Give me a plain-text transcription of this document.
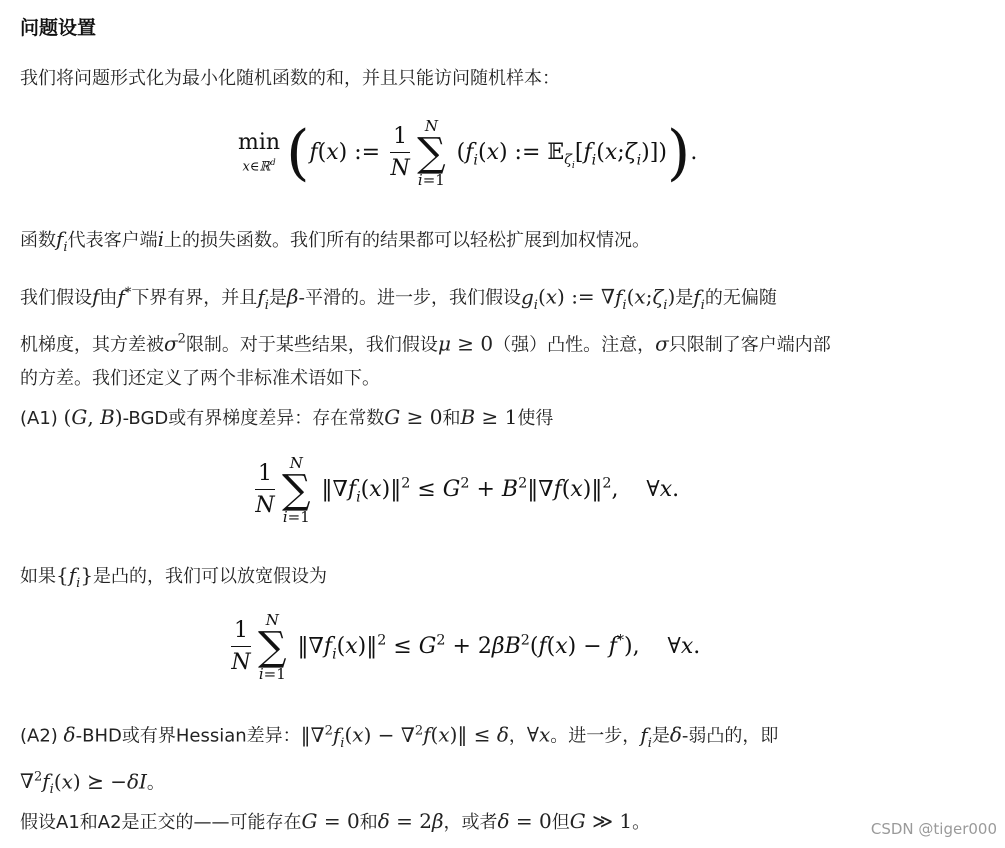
问题设置
我们将问题形式化为最小化随机函数的和，并且只能访问随机样本：
min
x∈ℝ$^d$ (f(x) := $\frac{1}{N}$ N
∑
i=1
($f_i(x)$ := $𝔼_{\zeta_i}[f_i(x;\zeta_i)]$)).
函数$f_i$代表客户端i上的损失函数。我们所有的结果都可以轻松扩展到加权情况。
我们假设f由f*下界有界，并且$f_i$是β-平滑的。进一步，我们假设$g_i(x)$ := $\nabla f_i(x;\zeta_i)$是$f_i$的无偏随
机梯度，其方差被$\sigma^2$限制。对于某些结果，我们假设μ ≥ 0（强）凸性。注意，σ只限制了客户端内部
的方差。我们还定义了两个非标准术语如下。
(A1) (G, B)-BGD或有界梯度差异：存在常数G ≥ 0和B ≥ 1使得
$\frac{1}{N}$ N
∑
i=1
$‖\nabla f_i(x)‖^2 \le G^2$ + $B^2‖\nabla f(x)‖^2$,    ∀x.
如果$\{f_i\}$是凸的，我们可以放宽假设为
$\frac{1}{N}$ N
∑
i=1
$‖\nabla f_i(x)‖^2 \le G^2 + 2\beta B^2(f(x) - f^*)$,    ∀x.
(A2) δ-BHD或有界Hessian差异：$‖\nabla^2f_i(x)$ − ∇$^2$f(x)‖ ≤ δ，∀x。进一步，$f_i$是δ-弱凸的，即
$\nabla^2f_i(x)$ ⪰ −δI。
假设A1和A2是正交的——可能存在G = 0和δ = 2β，或者δ = 0但G ≫ 1。	CSDN @tiger000
